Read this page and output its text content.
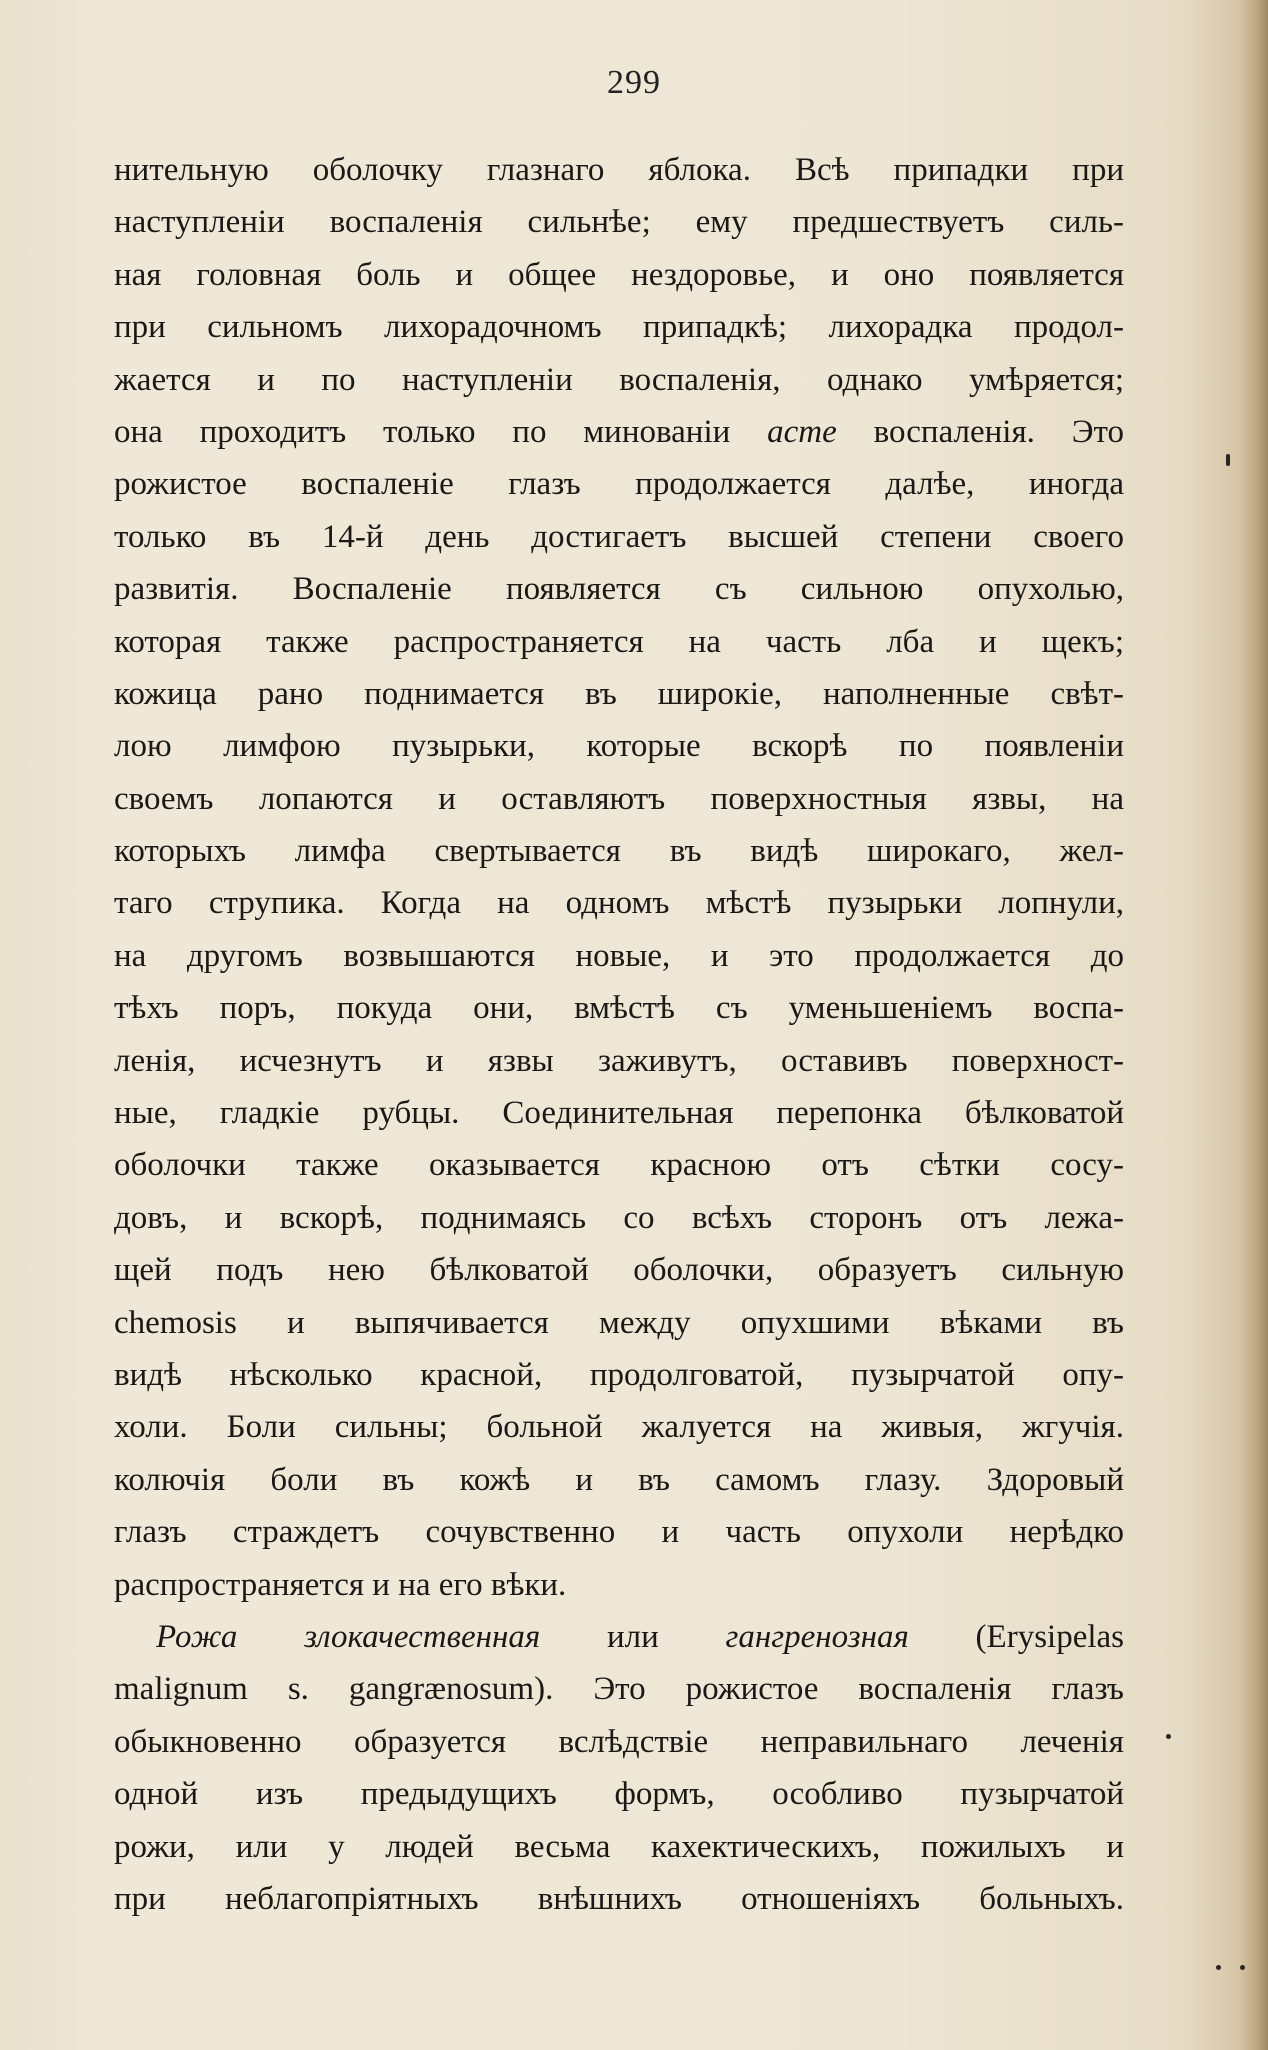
299
нительную оболочку глазнаго яблока. Всѣ припадки при
наступленіи воспаленія сильнѣе; ему предшествуетъ силь-
ная головная боль и общее нездоровье, и оно появляется
при сильномъ лихорадочномъ припадкѣ; лихорадка продол-
жается и по наступленіи воспаленія, однако умѣряется;
она проходитъ только по минованіи acme воспаленія. Это
рожистое воспаленіе глазъ продолжается далѣе, иногда
только въ 14-й день достигаетъ высшей степени своего
развитія. Воспаленіе появляется съ сильною опухолью,
которая также распространяется на часть лба и щекъ;
кожица рано поднимается въ широкіе, наполненные свѣт-
лою лимфою пузырьки, которые вскорѣ по появленіи
своемъ лопаются и оставляютъ поверхностныя язвы, на
которыхъ лимфа свертывается въ видѣ широкаго, жел-
таго струпика. Когда на одномъ мѣстѣ пузырьки лопнули,
на другомъ возвышаются новые, и это продолжается до
тѣхъ поръ, покуда они, вмѣстѣ съ уменьшеніемъ воспа-
ленія, исчезнутъ и язвы заживутъ, оставивъ поверхност-
ные, гладкіе рубцы. Соединительная перепонка бѣлковатой
оболочки также оказывается красною отъ сѣтки сосу-
довъ, и вскорѣ, поднимаясь со всѣхъ сторонъ отъ лежа-
щей подъ нею бѣлковатой оболочки, образуетъ сильную
chemosis и выпячивается между опухшими вѣками въ
видѣ нѣсколько красной, продолговатой, пузырчатой опу-
холи. Боли сильны; больной жалуется на живыя, жгучія.
колючія боли въ кожѣ и въ самомъ глазу. Здоровый
глазъ страждетъ сочувственно и часть опухоли нерѣдко
распространяется и на его вѣки.
Рожа злокачественная или гангренозная (Erysipelas
malignum s. gangrænosum). Это рожистое воспаленія глазъ
обыкновенно образуется вслѣдствіе неправильнаго леченія
одной изъ предыдущихъ формъ, особливо пузырчатой
рожи, или у людей весьма кахектическихъ, пожилыхъ и
при неблагопріятныхъ внѣшнихъ отношеніяхъ больныхъ.
